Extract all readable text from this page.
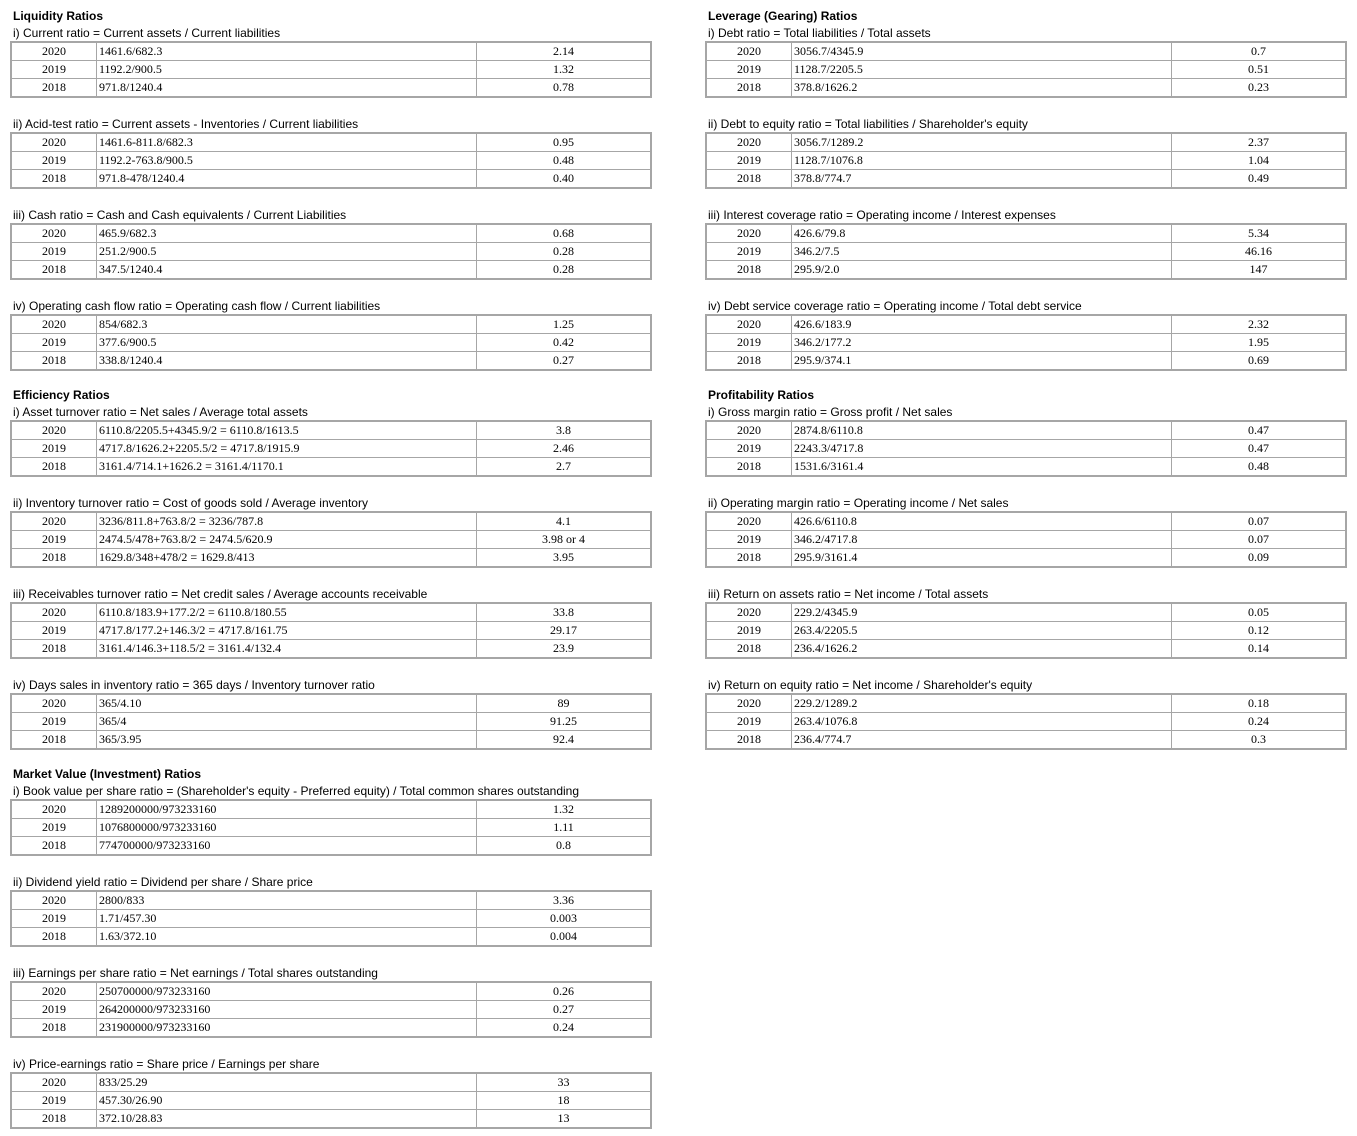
Liquidity Ratios
i) Current ratio = Current assets / Current liabilities
2020	1461.6/682.3	2.14
2019	1192.2/900.5	1.32
2018	971.8/1240.4	0.78
ii) Acid-test ratio = Current assets - Inventories / Current liabilities
2020	1461.6-811.8/682.3	0.95
2019	1192.2-763.8/900.5	0.48
2018	971.8-478/1240.4	0.40
iii) Cash ratio = Cash and Cash equivalents / Current Liabilities
2020	465.9/682.3	0.68
2019	251.2/900.5	0.28
2018	347.5/1240.4	0.28
iv) Operating cash flow ratio = Operating cash flow / Current liabilities
2020	854/682.3	1.25
2019	377.6/900.5	0.42
2018	338.8/1240.4	0.27
Efficiency Ratios
i) Asset turnover ratio = Net sales / Average total assets
2020	6110.8/2205.5+4345.9/2 = 6110.8/1613.5	3.8
2019	4717.8/1626.2+2205.5/2 = 4717.8/1915.9	2.46
2018	3161.4/714.1+1626.2 = 3161.4/1170.1	2.7
ii) Inventory turnover ratio = Cost of goods sold / Average inventory
2020	3236/811.8+763.8/2 = 3236/787.8	4.1
2019	2474.5/478+763.8/2 = 2474.5/620.9	3.98 or 4
2018	1629.8/348+478/2 = 1629.8/413	3.95
iii) Receivables turnover ratio = Net credit sales / Average accounts receivable
2020	6110.8/183.9+177.2/2 = 6110.8/180.55	33.8
2019	4717.8/177.2+146.3/2 = 4717.8/161.75	29.17
2018	3161.4/146.3+118.5/2 = 3161.4/132.4	23.9
iv) Days sales in inventory ratio = 365 days / Inventory turnover ratio
2020	365/4.10	89
2019	365/4	91.25
2018	365/3.95	92.4
Market Value (Investment) Ratios
i) Book value per share ratio = (Shareholder's equity - Preferred equity) / Total common shares outstanding
2020	1289200000/973233160	1.32
2019	1076800000/973233160	1.11
2018	774700000/973233160	0.8
ii) Dividend yield ratio = Dividend per share / Share price
2020	2800/833	3.36
2019	1.71/457.30	0.003
2018	1.63/372.10	0.004
iii) Earnings per share ratio = Net earnings / Total shares outstanding
2020	250700000/973233160	0.26
2019	264200000/973233160	0.27
2018	231900000/973233160	0.24
iv) Price-earnings ratio = Share price / Earnings per share
2020	833/25.29	33
2019	457.30/26.90	18
2018	372.10/28.83	13
Leverage (Gearing) Ratios
i) Debt ratio = Total liabilities / Total assets
2020	3056.7/4345.9	0.7
2019	1128.7/2205.5	0.51
2018	378.8/1626.2	0.23
ii) Debt to equity ratio = Total liabilities / Shareholder's equity
2020	3056.7/1289.2	2.37
2019	1128.7/1076.8	1.04
2018	378.8/774.7	0.49
iii) Interest coverage ratio = Operating income / Interest expenses
2020	426.6/79.8	5.34
2019	346.2/7.5	46.16
2018	295.9/2.0	147
iv) Debt service coverage ratio = Operating income / Total debt service
2020	426.6/183.9	2.32
2019	346.2/177.2	1.95
2018	295.9/374.1	0.69
Profitability Ratios
i) Gross margin ratio = Gross profit / Net sales
2020	2874.8/6110.8	0.47
2019	2243.3/4717.8	0.47
2018	1531.6/3161.4	0.48
ii) Operating margin ratio = Operating income / Net sales
2020	426.6/6110.8	0.07
2019	346.2/4717.8	0.07
2018	295.9/3161.4	0.09
iii) Return on assets ratio = Net income / Total assets
2020	229.2/4345.9	0.05
2019	263.4/2205.5	0.12
2018	236.4/1626.2	0.14
iv) Return on equity ratio = Net income / Shareholder's equity
2020	229.2/1289.2	0.18
2019	263.4/1076.8	0.24
2018	236.4/774.7	0.3
